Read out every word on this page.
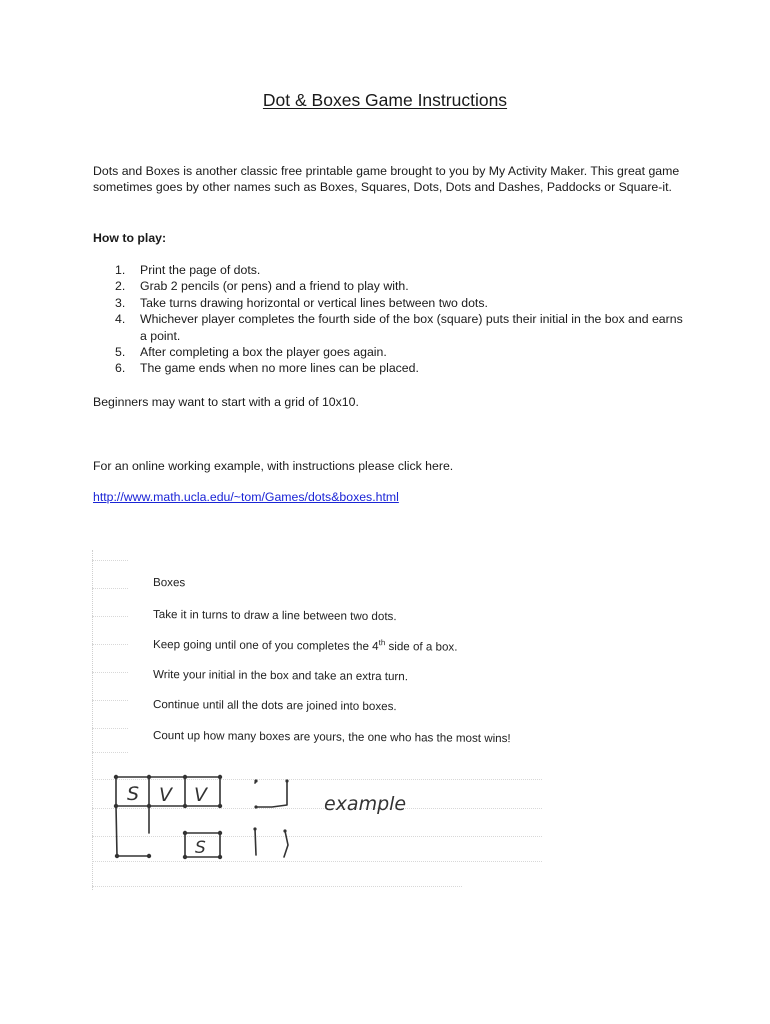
Dot & Boxes Game Instructions
Dots and Boxes is another classic free printable game brought to you by My Activity Maker. This great game sometimes goes by other names such as Boxes, Squares, Dots, Dots and Dashes, Paddocks or Square-it.
How to play:
1. Print the page of dots.
2. Grab 2 pencils (or pens) and a friend to play with.
3. Take turns drawing horizontal or vertical lines between two dots.
4. Whichever player completes the fourth side of the box (square) puts their initial in the box and earns a point.
5. After completing a box the player goes again.
6. The game ends when no more lines can be placed.
Beginners may want to start with a grid of 10x10.
For an online working example, with instructions please click here.
http://www.math.ucla.edu/~tom/Games/dots&boxes.html
Boxes
Take it in turns to draw a line between two dots.
Keep going until one of you completes the 4th side of a box.
Write your initial in the box and take an extra turn.
Continue until all the dots are joined into boxes.
Count up how many boxes are yours, the one who has the most wins!
S V V
S
example
